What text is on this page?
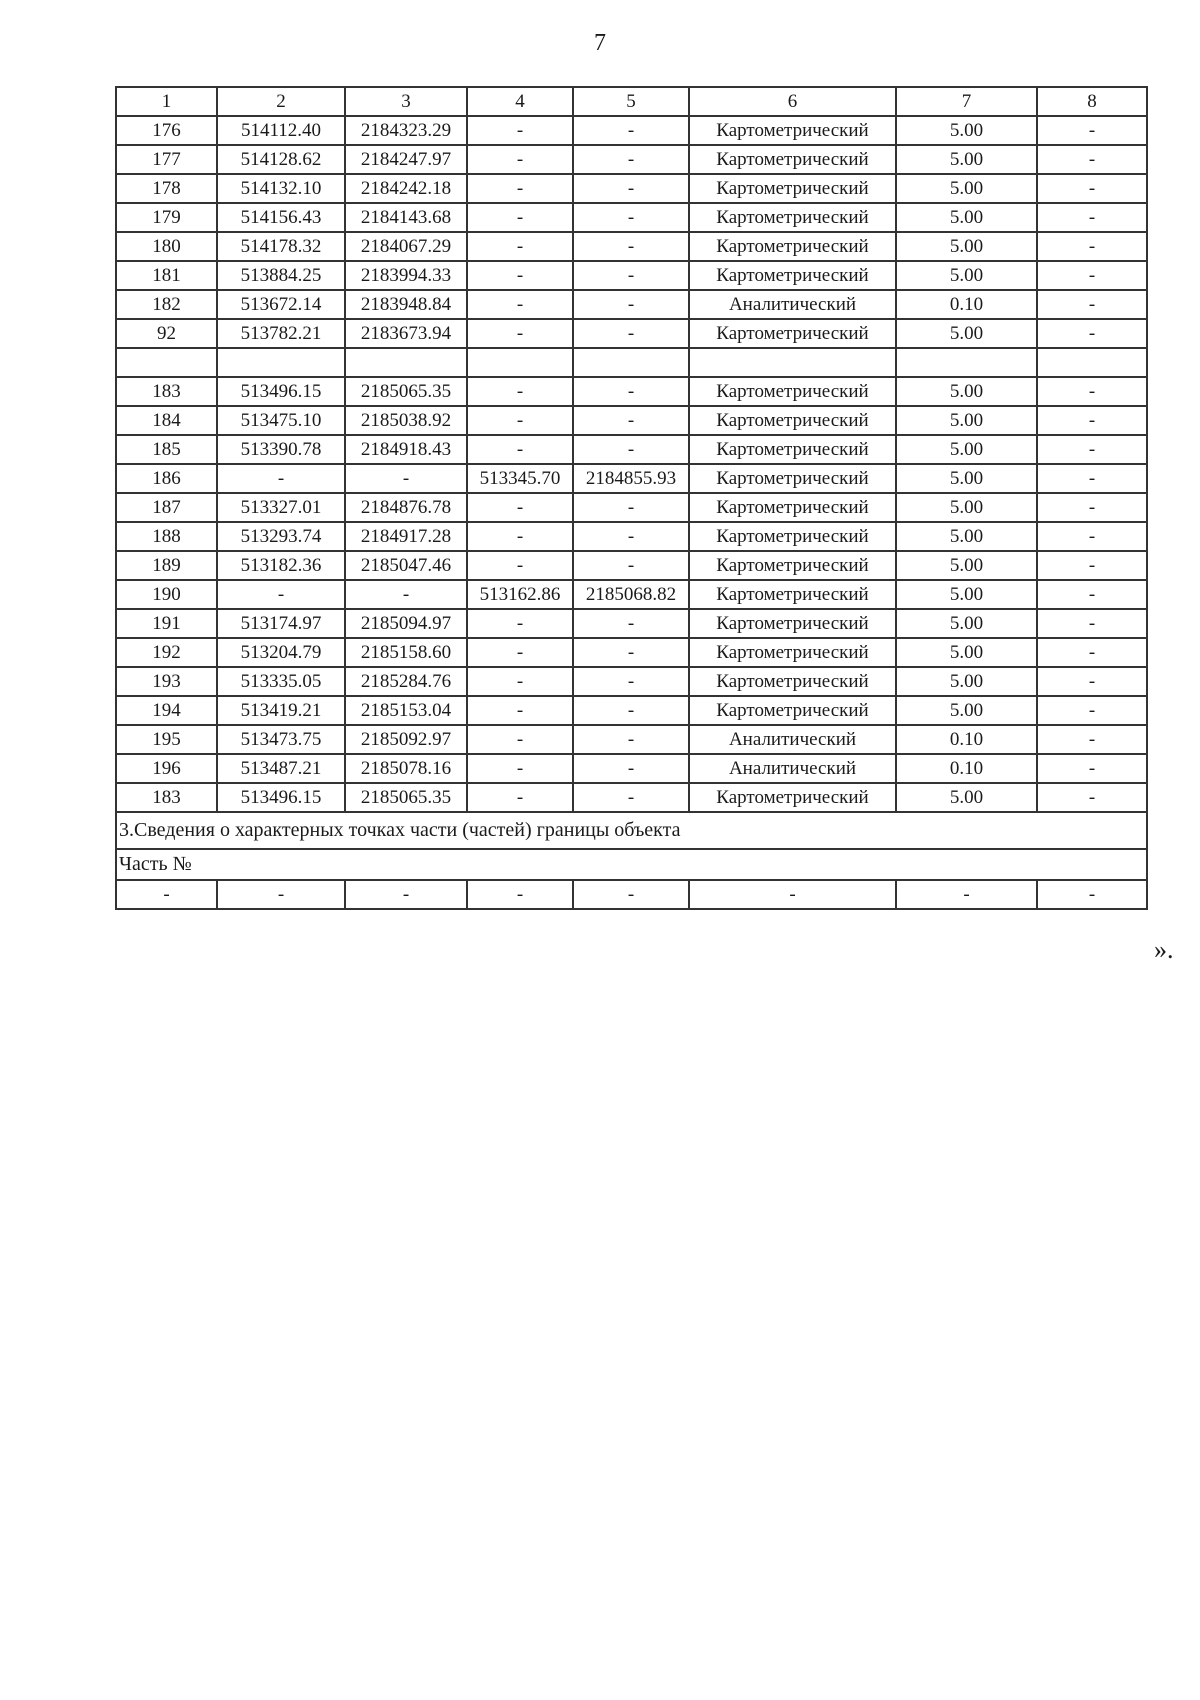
7
1	2	3	4	5	6	7	8
176	514112.40	2184323.29	-	-	Картометрический	5.00	-
177	514128.62	2184247.97	-	-	Картометрический	5.00	-
178	514132.10	2184242.18	-	-	Картометрический	5.00	-
179	514156.43	2184143.68	-	-	Картометрический	5.00	-
180	514178.32	2184067.29	-	-	Картометрический	5.00	-
181	513884.25	2183994.33	-	-	Картометрический	5.00	-
182	513672.14	2183948.84	-	-	Аналитический	0.10	-
92	513782.21	2183673.94	-	-	Картометрический	5.00	-

183	513496.15	2185065.35	-	-	Картометрический	5.00	-
184	513475.10	2185038.92	-	-	Картометрический	5.00	-
185	513390.78	2184918.43	-	-	Картометрический	5.00	-
186	-	-	513345.70	2184855.93	Картометрический	5.00	-
187	513327.01	2184876.78	-	-	Картометрический	5.00	-
188	513293.74	2184917.28	-	-	Картометрический	5.00	-
189	513182.36	2185047.46	-	-	Картометрический	5.00	-
190	-	-	513162.86	2185068.82	Картометрический	5.00	-
191	513174.97	2185094.97	-	-	Картометрический	5.00	-
192	513204.79	2185158.60	-	-	Картометрический	5.00	-
193	513335.05	2185284.76	-	-	Картометрический	5.00	-
194	513419.21	2185153.04	-	-	Картометрический	5.00	-
195	513473.75	2185092.97	-	-	Аналитический	0.10	-
196	513487.21	2185078.16	-	-	Аналитический	0.10	-
183	513496.15	2185065.35	-	-	Картометрический	5.00	-
3.Сведения о характерных точках части (частей) границы объекта							
Часть №							
-	-	-	-	-	-	-	-
».
